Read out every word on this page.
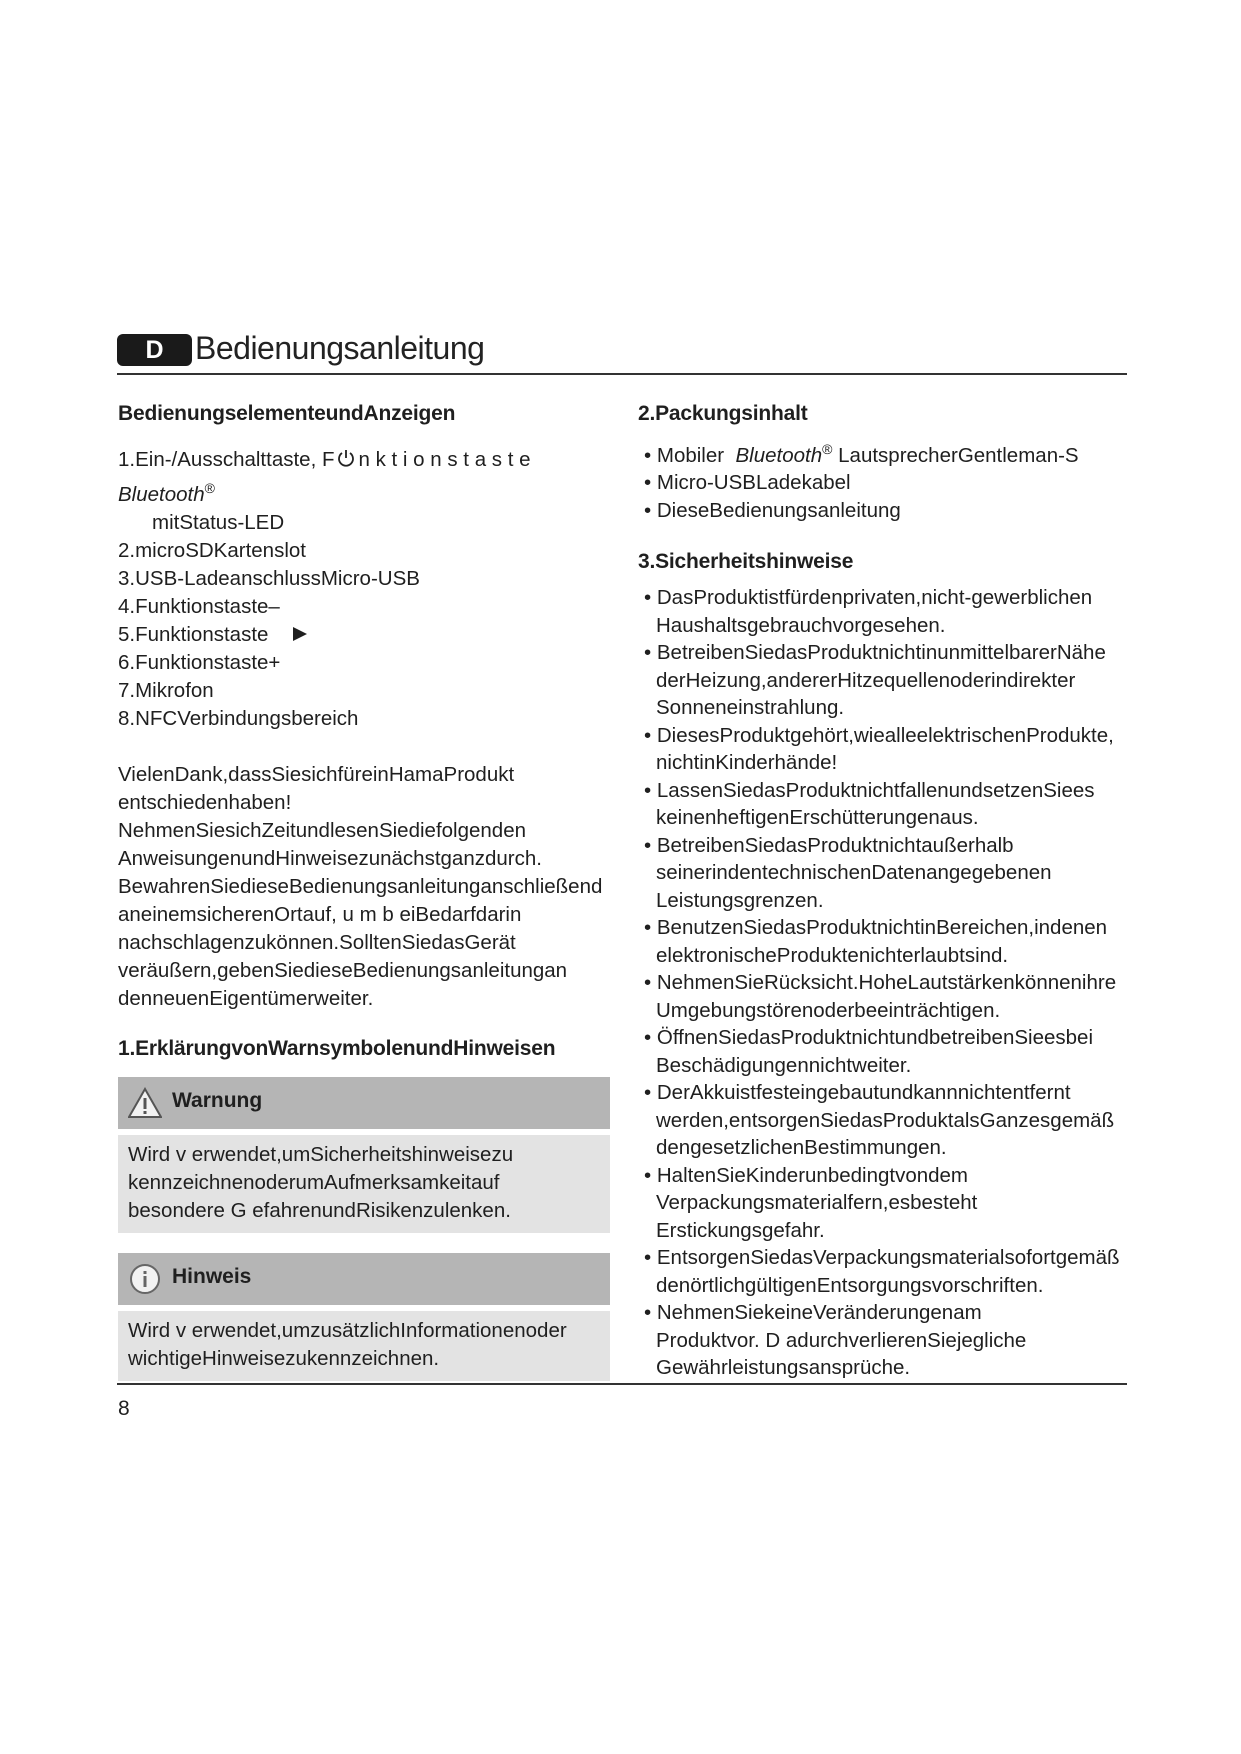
D Bedienungsanleitung

BedienungselementeundAnzeigen

1.Ein-/Ausschalttaste, F n k t i o n s t a s t e Bluetooth®
mitStatus-LED
2.microSDKartenslot
3.USB-LadeanschlussMicro-USB
4.Funktionstaste–
5.Funktionstaste
6.Funktionstaste+
7.Mikrofon
8.NFCVerbindungsbereich

VielenDank,dassSiesichfüreinHamaProdukt

entschiedenhaben!

NehmenSiesichZeitundlesenSiediefolgenden

AnweisungenundHinweisezunächstganzdurch.

BewahrenSiedieseBedienungsanleitunganschließend

aneinemsicherenOrtauf, u m b eiBedarfdarin

nachschlagenzukönnen.SolltenSiedasGerät

veräußern,gebenSiedieseBedienungsanleitungan

denneuenEigentümerweiter.

1.ErklärungvonWarnsymbolenundHinweisen

Warnung
Wird v erwendet,umSicherheitshinweisezu
kennzeichnenoderumAufmerksamkeitauf
besondere G efahrenundRisikenzulenken.
Hinweis
Wird v erwendet,umzusätzlichInformationenoder
wichtigeHinweisezukennzeichnen.

2.Packungsinhalt

• Mobiler Bluetooth® LautsprecherGentleman-S
• Micro-USBLadekabel
• DieseBedienungsanleitung

3.Sicherheitshinweise

• DasProduktistfürdenprivaten,nicht-gewerblichen
Haushaltsgebrauchvorgesehen.
• BetreibenSiedasProduktnichtinunmittelbarerNähe
derHeizung,andererHitzequellenoderindirekter
Sonneneinstrahlung.
• DiesesProduktgehört,wiealleelektrischenProdukte,
nichtinKinderhände!
• LassenSiedasProduktnichtfallenundsetzenSiees
keinenheftigenErschütterungenaus.
• BetreibenSiedasProduktnichtaußerhalb
seinerindentechnischenDatenangegebenen
Leistungsgrenzen.
• BenutzenSiedasProduktnichtinBereichen,indenen
elektronischeProduktenichterlaubtsind.
• NehmenSieRücksicht.HoheLautstärkenkönnenihre
Umgebungstörenoderbeeinträchtigen.
• ÖffnenSiedasProduktnichtundbetreibenSieesbei
Beschädigungennichtweiter.
• DerAkkuistfesteingebautundkannnichtentfernt
werden,entsorgenSiedasProduktalsGanzesgemäß
dengesetzlichenBestimmungen.
• HaltenSieKinderunbedingtvondem
Verpackungsmaterialfern,esbesteht
Erstickungsgefahr.
• EntsorgenSiedasVerpackungsmaterialsofortgemäß
denörtlichgültigenEntsorgungsvorschriften.
• NehmenSiekeineVeränderungenam
Produktvor. D adurchverlierenSiejegliche
Gewährleistungsansprüche.
8
